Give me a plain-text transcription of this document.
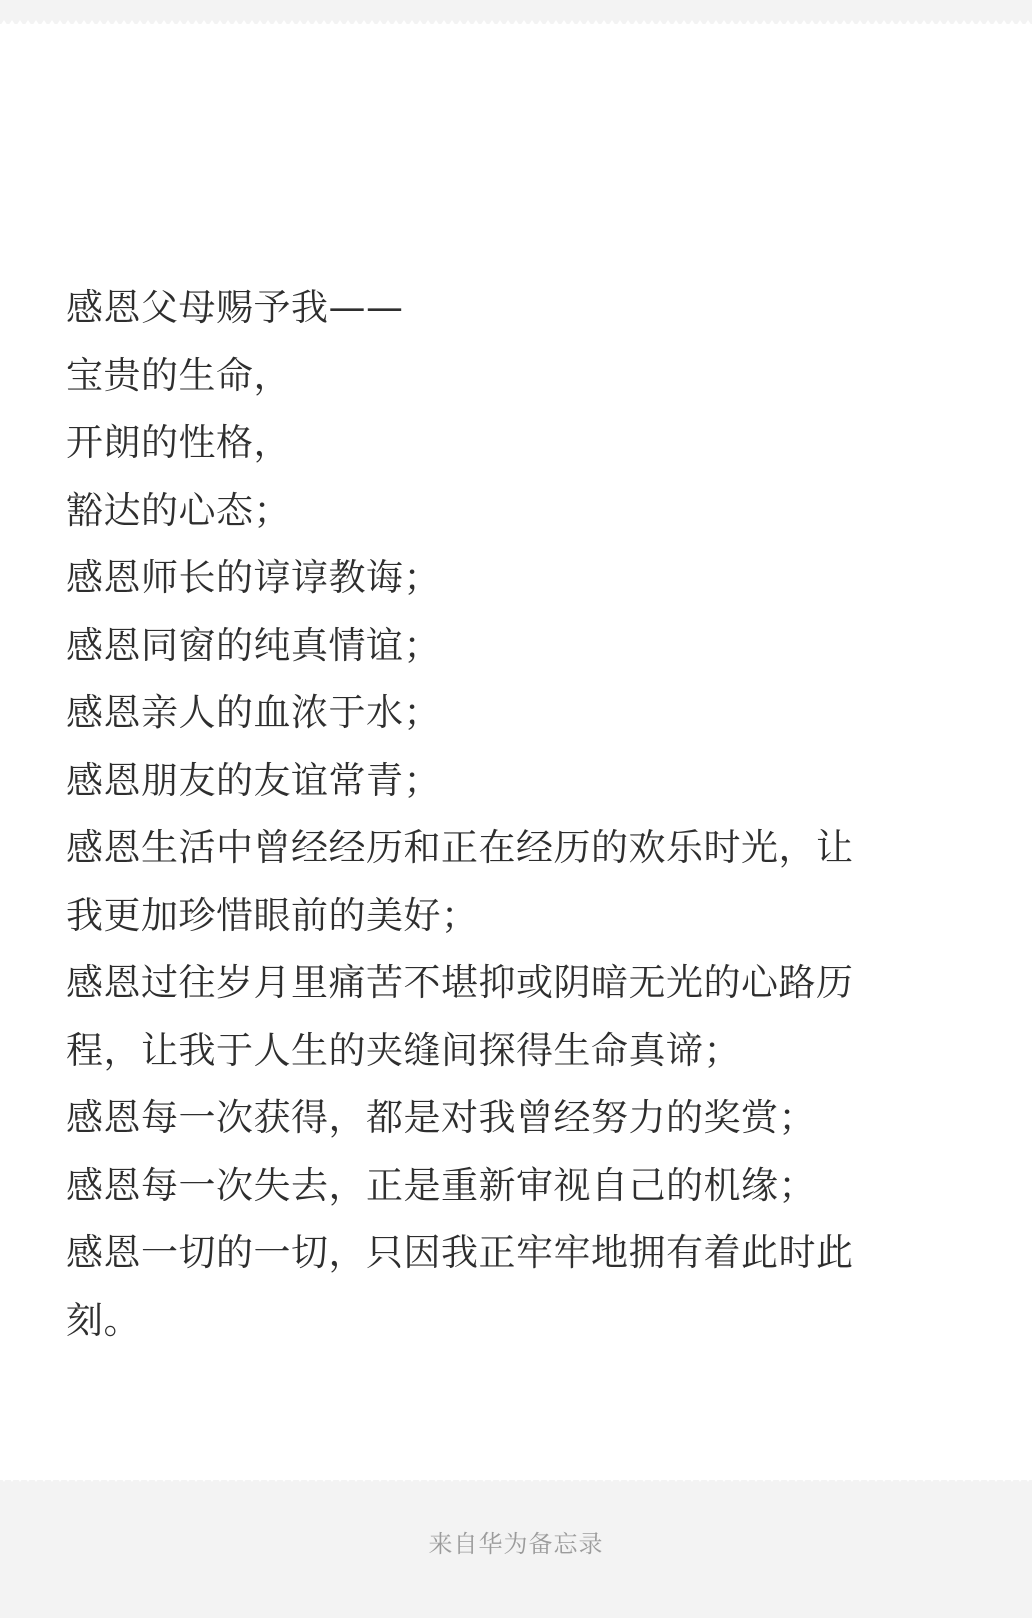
感恩父母赐予我——
宝贵的生命，
开朗的性格，
豁达的心态；
感恩师长的谆谆教诲；
感恩同窗的纯真情谊；
感恩亲人的血浓于水；
感恩朋友的友谊常青；
感恩生活中曾经经历和正在经历的欢乐时光，让
我更加珍惜眼前的美好；
感恩过往岁月里痛苦不堪抑或阴暗无光的心路历
程，让我于人生的夹缝间探得生命真谛；
感恩每一次获得，都是对我曾经努力的奖赏；
感恩每一次失去，正是重新审视自己的机缘；
感恩一切的一切，只因我正牢牢地拥有着此时此
刻。
来自华为备忘录
